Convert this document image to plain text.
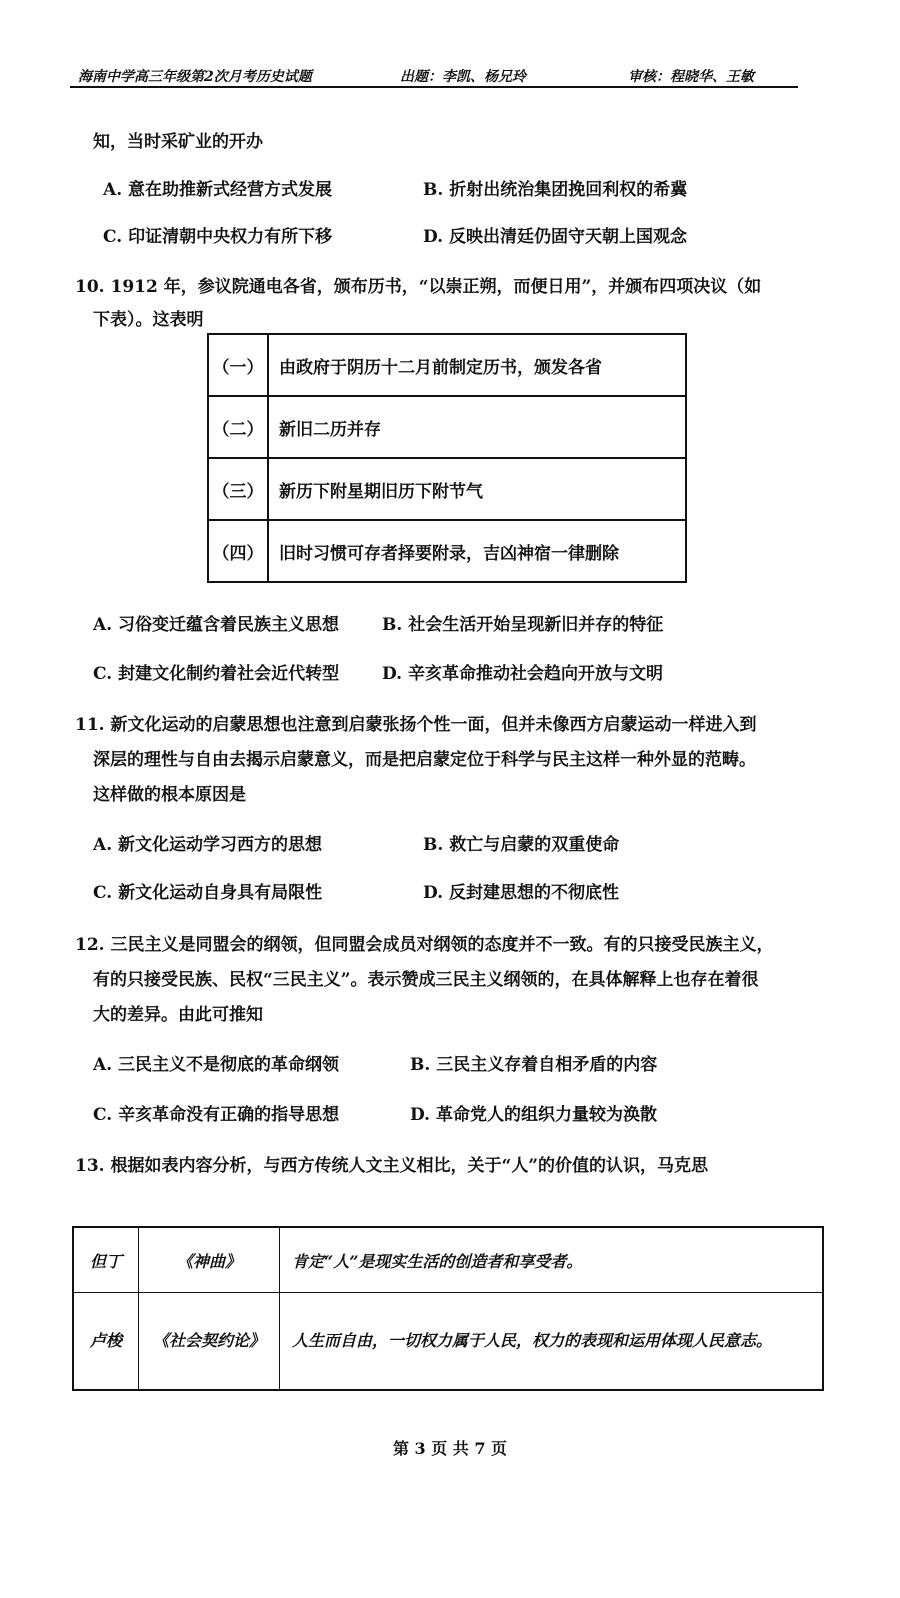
海南中学高三年级第2次月考历史试题	出题：李凯、杨兄玲	审核：程晓华、王敏
知，当时采矿业的开办
A. 意在助推新式经营方式发展	B. 折射出统治集团挽回利权的希冀
C. 印证清朝中央权力有所下移	D. 反映出清廷仍固守天朝上国观念
10. 1912 年，参议院通电各省，颁布历书，“以崇正朔，而便日用”，并颁布四项决议（如
下表）。这表明
（一）	由政府于阴历十二月前制定历书，颁发各省
（二）	新旧二历并存
（三）	新历下附星期旧历下附节气
（四）	旧时习惯可存者择要附录，吉凶神宿一律删除
A. 习俗变迁蕴含着民族主义思想	B. 社会生活开始呈现新旧并存的特征
C. 封建文化制约着社会近代转型	D. 辛亥革命推动社会趋向开放与文明
11. 新文化运动的启蒙思想也注意到启蒙张扬个性一面，但并未像西方启蒙运动一样进入到
深层的理性与自由去揭示启蒙意义，而是把启蒙定位于科学与民主这样一种外显的范畴。
这样做的根本原因是
A. 新文化运动学习西方的思想	B. 救亡与启蒙的双重使命
C. 新文化运动自身具有局限性	D. 反封建思想的不彻底性
12. 三民主义是同盟会的纲领，但同盟会成员对纲领的态度并不一致。有的只接受民族主义，
有的只接受民族、民权“三民主义”。表示赞成三民主义纲领的，在具体解释上也存在着很
大的差异。由此可推知
A. 三民主义不是彻底的革命纲领	B. 三民主义存着自相矛盾的内容
C. 辛亥革命没有正确的指导思想	D. 革命党人的组织力量较为涣散
13. 根据如表内容分析，与西方传统人文主义相比，关于“人”的价值的认识，马克思
但丁	《神曲》	肯定“人”是现实生活的创造者和享受者。
卢梭	《社会契约论》	人生而自由，一切权力属于人民，权力的表现和运用体现人民意志。
第 3 页 共 7 页
